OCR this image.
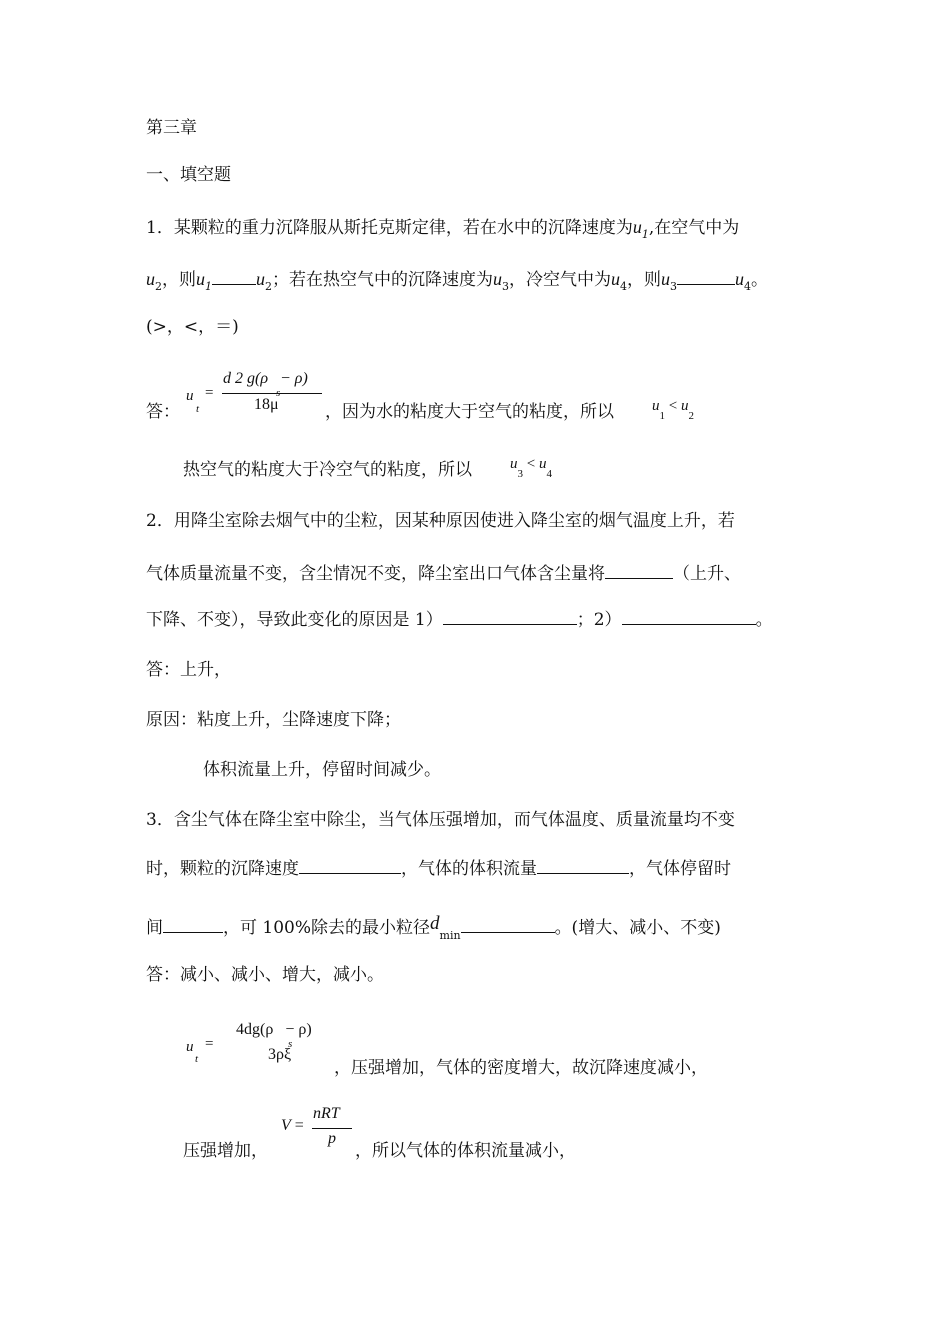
第三章
一、填空题
1．某颗粒的重力沉降服从斯托克斯定律，若在水中的沉降速度为$u_1$,在空气中为
$u_2$，则$u_1$ $u_2$；若在热空气中的沉降速度为$u_3$，冷空气中为$u_4$，则$u_3$	$u_4$。
(>，<，＝)
答：
u
t
=
d 2 g(ρ   − ρ)
s
18μ	，因为水的粘度大于空气的粘度，所以	$u_1 < u_2$
热空气的粘度大于冷空气的粘度，所以	$u_3 < u_4$
2．用降尘室除去烟气中的尘粒，因某种原因使进入降尘室的烟气温度上升，若
气体质量流量不变，含尘情况不变，降尘室出口气体含尘量将	（上升、
下降、不变），导致此变化的原因是 1）	；2）	。
答：上升，
原因：粘度上升，尘降速度下降；
体积流量上升，停留时间减少。
3．含尘气体在降尘室中除尘，当气体压强增加，而气体温度、质量流量均不变
时，颗粒的沉降速度	，气体的体积流量	，气体停留时
间	，可 100%除去的最小粒径$d_{min}$	。(增大、减小、不变)
答：减小、减小、增大，减小。
u
t
=
4dg(ρ   − ρ)
s
3ρξ
，压强增加，气体的密度增大，故沉降速度减小，
压强增加，
V =
nRT
p
，所以气体的体积流量减小，
